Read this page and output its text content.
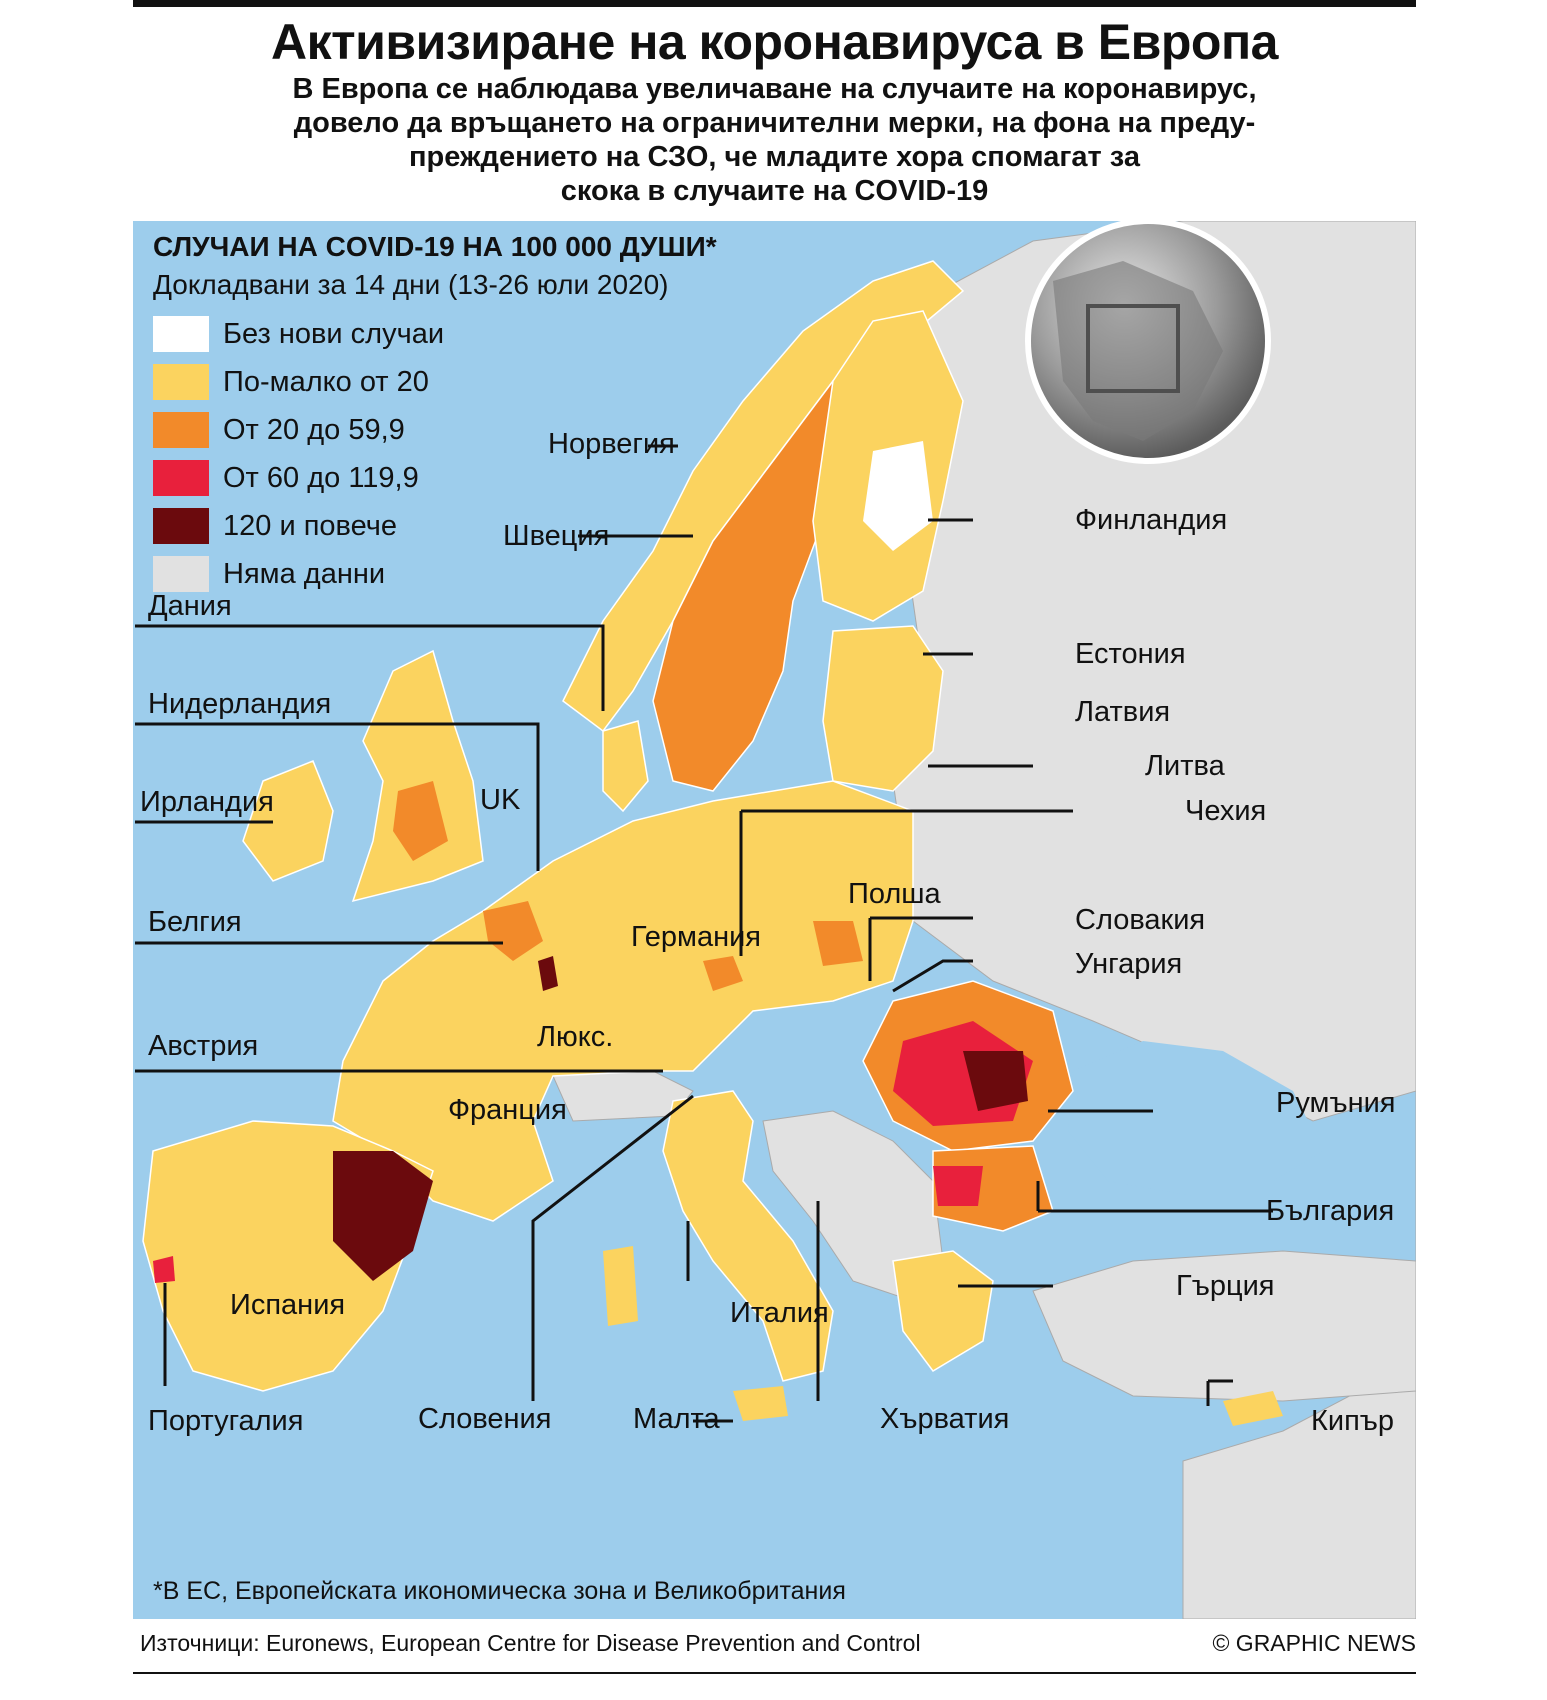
Активизиране на коронавируса в Европа
В Европа се наблюдава увеличаване на случаите на коронавирус,
довело да връщането на ограничителни мерки, на фона на преду-
преждението на СЗО, че младите хора спомагат за
скока в случаите на COVID-19
СЛУЧАИ НА COVID-19 НА 100 000 ДУШИ*
Докладвани за 14 дни (13-26 юли 2020)
Без нови случаи
По-малко от 20
От 20 до 59,9
От 60 до 119,9
120 и повече
Няма данни
Норвегия
Швеция	Финландия
Дания
Естония
Латвия
Нидерландия
Литва
Ирландия	UK	Чехия
Полша
Белгия	Германия
Словакия
Унгария
Люкс.
Австрия
Румъния
Франция
България
Гърция
Испания	Италия
Португалия	Словения	Малта	Хърватия	Кипър
*В ЕС, Европейската икономическа зона и Великобритания
Източници: Euronews, European Centre for Disease Prevention and Control	© GRAPHIC NEWS
